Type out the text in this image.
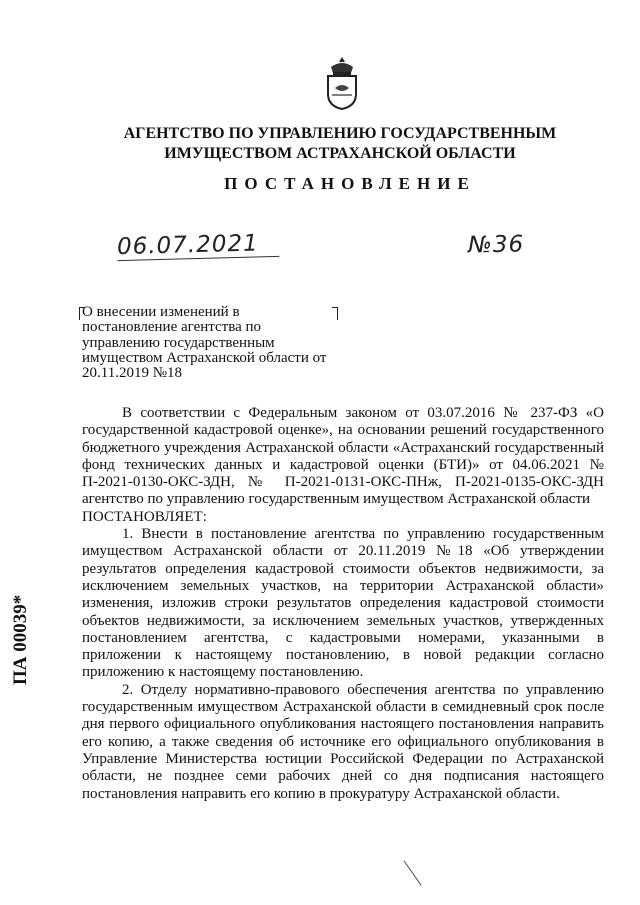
АГЕНТСТВО ПО УПРАВЛЕНИЮ ГОСУДАРСТВЕННЫМ
ИМУЩЕСТВОМ АСТРАХАНСКОЙ ОБЛАСТИ
ПОСТАНОВЛЕНИЕ
06.07.2021	№36
О внесении изменений в постановление агентства по управлению государственным имуществом Астраханской области от 20.11.2019 №18

В соответствии с Федеральным законом от 03.07.2016 № 237-ФЗ «О государственной кадастровой оценке», на основании решений государственного бюджетного учреждения Астраханской области «Астраханский государственный фонд технических данных и кадастровой оценки (БТИ)» от 04.06.2021 № П-2021-0130-ОКС-ЗДН, № П-2021-0131-ОКС-ПНж, П-2021-0135-ОКС-ЗДН агентство по управлению государственным имуществом Астраханской области

ПОСТАНОВЛЯЕТ:

1. Внести в постановление агентства по управлению государственным имуществом Астраханской области от 20.11.2019 №18 «Об утверждении результатов определения кадастровой стоимости объектов недвижимости, за исключением земельных участков, на территории Астраханской области» изменения, изложив строки результатов определения кадастровой стоимости объектов недвижимости, за исключением земельных участков, утвержденных постановлением агентства, с кадастровыми номерами, указанными в приложении к настоящему постановлению, в новой редакции согласно приложению к настоящему постановлению.

2. Отделу нормативно-правового обеспечения агентства по управлению государственным имуществом Астраханской области в семидневный срок после дня первого официального опубликования настоящего постановления направить его копию, а также сведения об источнике его официального опубликования в Управление Министерства юстиции Российской Федерации по Астраханской области, не позднее семи рабочих дней со дня подписания настоящего постановления направить его копию в прокуратуру Астраханской области.

ПА 00039*
